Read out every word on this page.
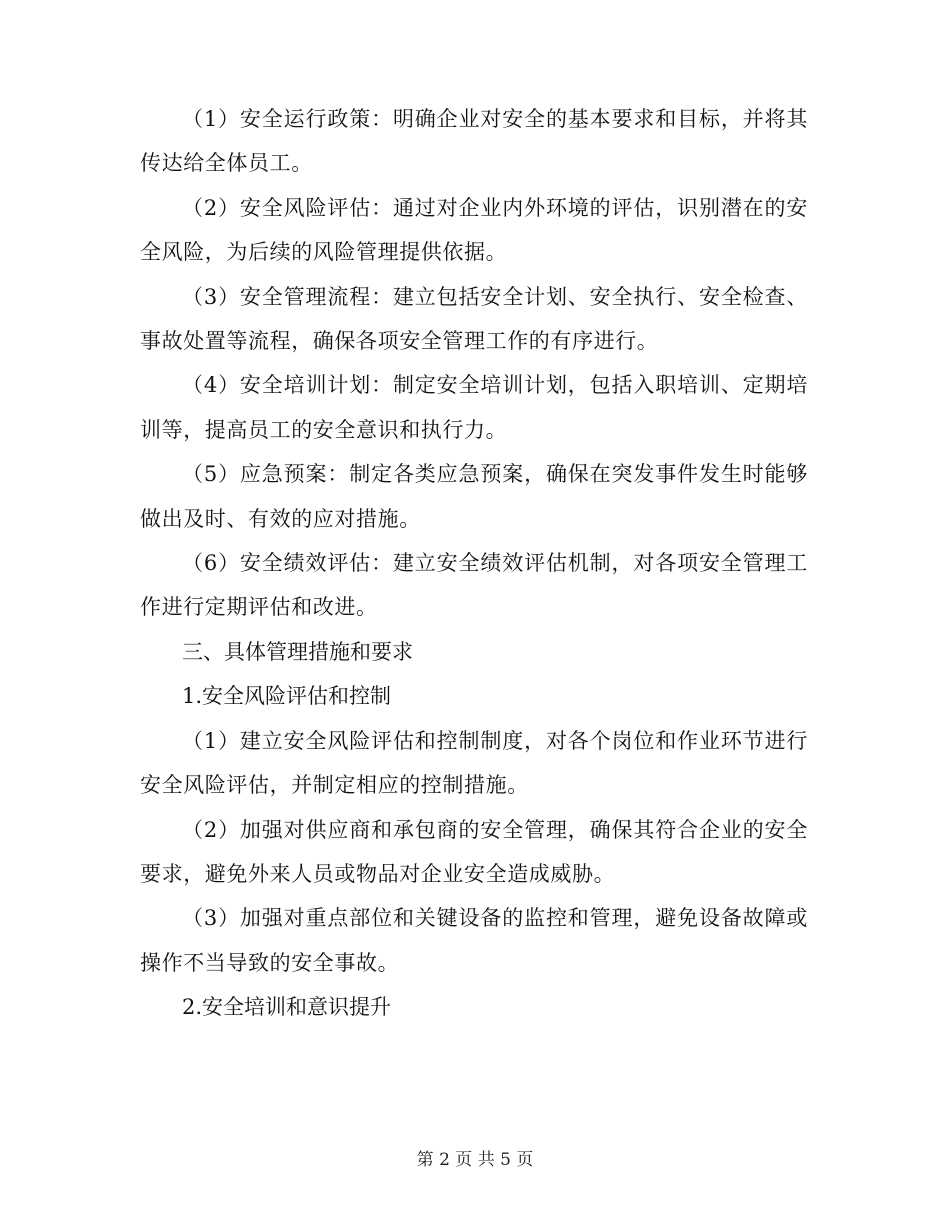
（1）安全运行政策：明确企业对安全的基本要求和目标，并将其传达给全体员工。

（2）安全风险评估：通过对企业内外环境的评估，识别潜在的安全风险，为后续的风险管理提供依据。

（3）安全管理流程：建立包括安全计划、安全执行、安全检查、事故处置等流程，确保各项安全管理工作的有序进行。

（4）安全培训计划：制定安全培训计划，包括入职培训、定期培训等，提高员工的安全意识和执行力。

（5）应急预案：制定各类应急预案，确保在突发事件发生时能够做出及时、有效的应对措施。

（6）安全绩效评估：建立安全绩效评估机制，对各项安全管理工作进行定期评估和改进。

三、具体管理措施和要求

1.安全风险评估和控制

（1）建立安全风险评估和控制制度，对各个岗位和作业环节进行安全风险评估，并制定相应的控制措施。

（2）加强对供应商和承包商的安全管理，确保其符合企业的安全要求，避免外来人员或物品对企业安全造成威胁。

（3）加强对重点部位和关键设备的监控和管理，避免设备故障或操作不当导致的安全事故。

2.安全培训和意识提升

第 2 页 共 5 页
